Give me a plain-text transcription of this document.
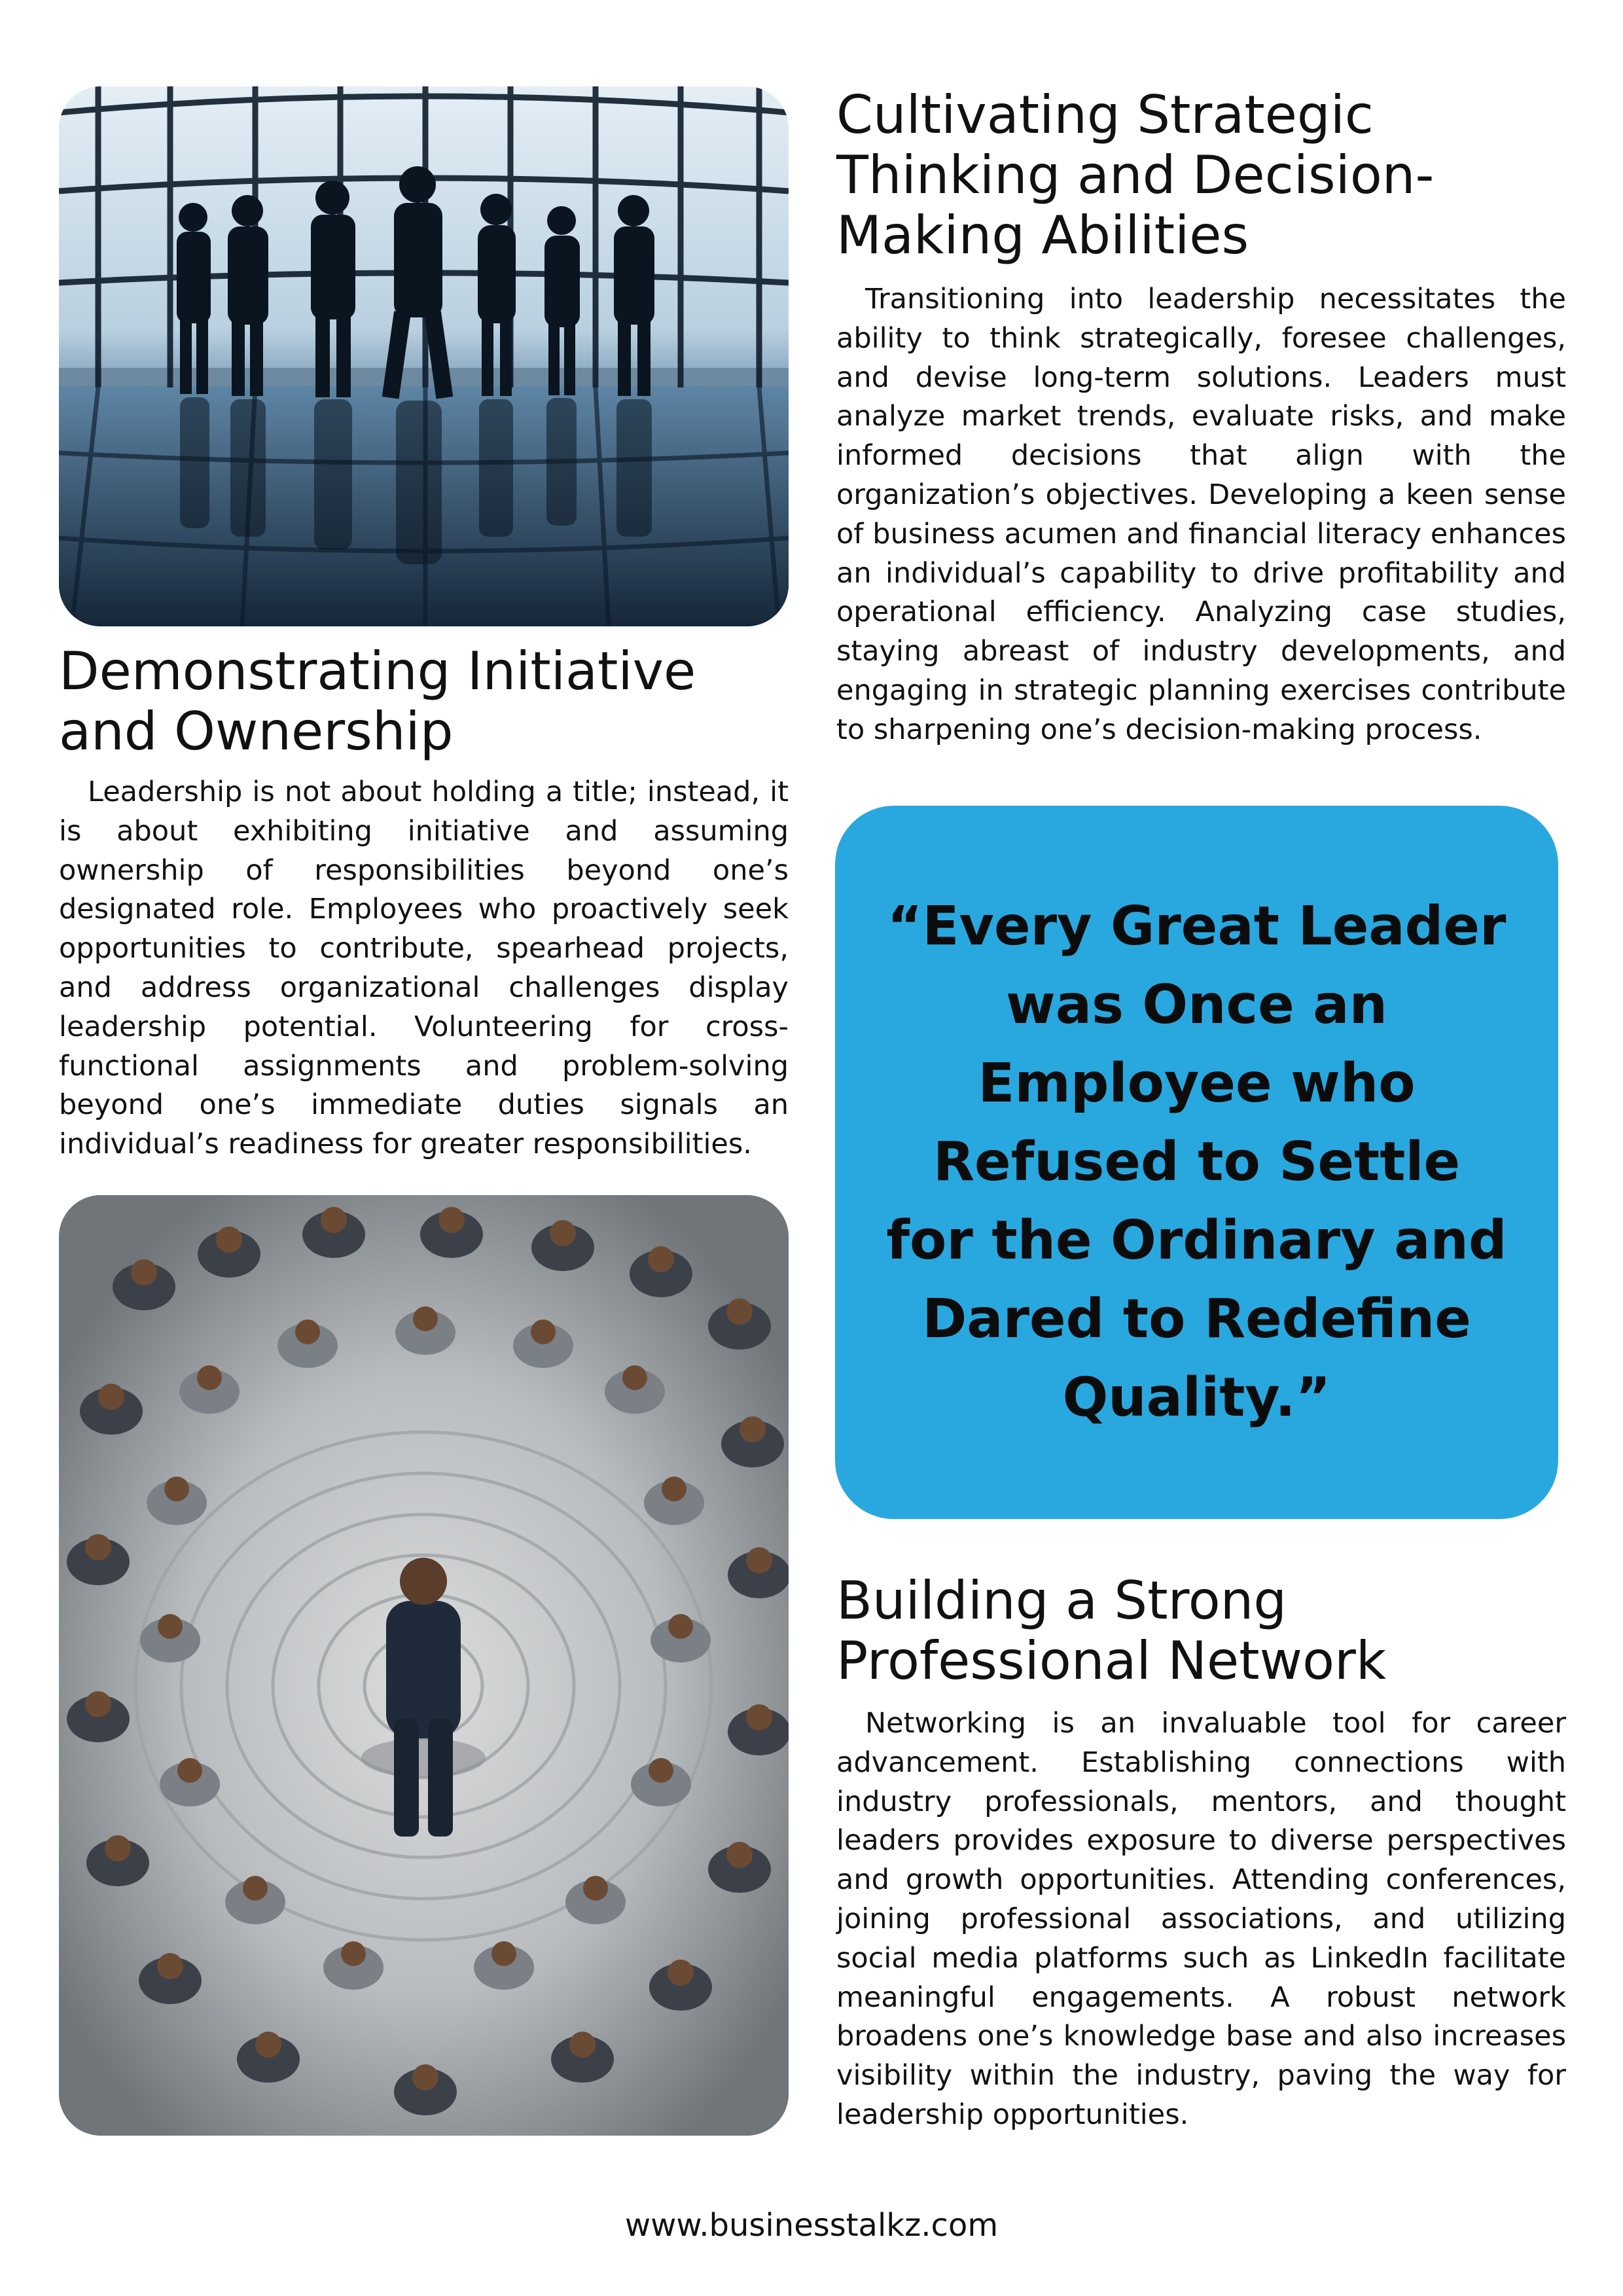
Cultivating Strategic Thinking and Decision-Making Abilities

Transitioning into leadership necessitates the ability to think strategically, foresee challenges, and devise long-term solutions. Leaders must analyze market trends, evaluate risks, and make informed decisions that align with the organization’s objectives. Developing a keen sense of business acumen and financial literacy enhances an individual’s capability to drive profitability and operational efficiency. Analyzing case studies, staying abreast of industry developments, and engaging in strategic planning exercises contribute to sharpening one’s decision-making process.

Demonstrating Initiative and Ownership

Leadership is not about holding a title; instead, it is about exhibiting initiative and assuming ownership of responsibilities beyond one’s designated role. Employees who proactively seek opportunities to contribute, spearhead projects, and address organizational challenges display leadership potential. Volunteering for cross-functional assignments and problem-solving beyond one’s immediate duties signals an individual’s readiness for greater responsibilities.

“Every Great Leader was Once an Employee who Refused to Settle for the Ordinary and Dared to Redefine Quality.”

Building a Strong Professional Network

Networking is an invaluable tool for career advancement. Establishing connections with industry professionals, mentors, and thought leaders provides exposure to diverse perspectives and growth opportunities. Attending conferences, joining professional associations, and utilizing social media platforms such as LinkedIn facilitate meaningful engagements. A robust network broadens one’s knowledge base and also increases visibility within the industry, paving the way for leadership opportunities.

www.businesstalkz.com
